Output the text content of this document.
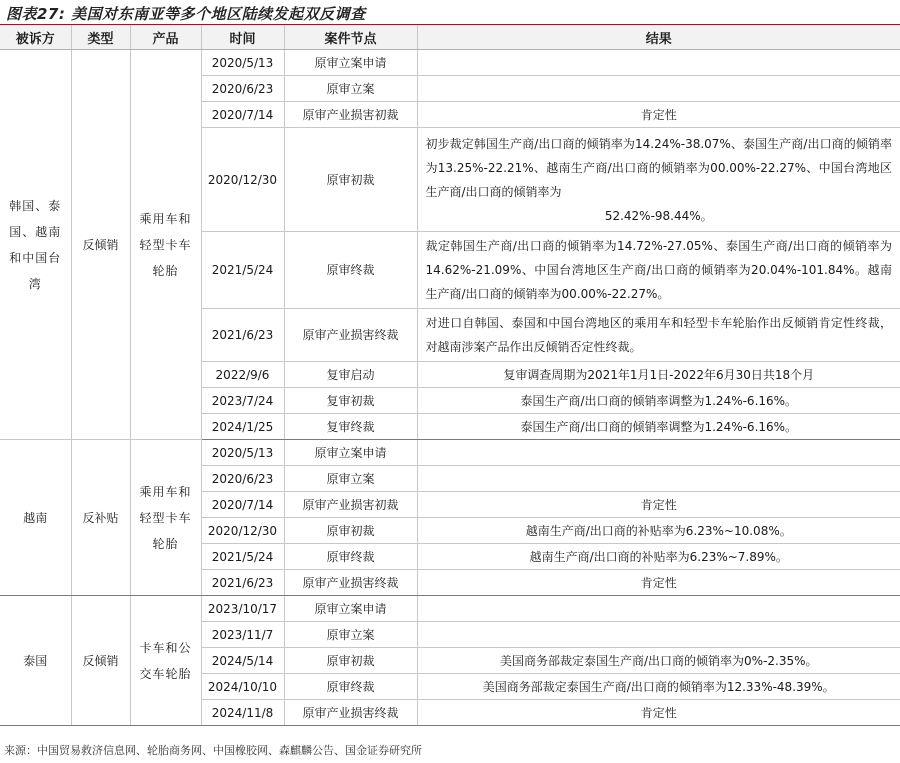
图表27: 美国对东南亚等多个地区陆续发起双反调查
被诉方	类型	产品	时间	案件节点	结果
韩国、泰国、越南和中国台湾	反倾销	乘用车和轻型卡车轮胎	2020/5/13	原审立案申请	
			2020/6/23	原审立案	
			2020/7/14	原审产业损害初裁	肯定性
			2020/12/30	原审初裁	初步裁定韩国生产商/出口商的倾销率为14.24%-38.07%、泰国生产商/出口商的倾销率为13.25%-22.21%、越南生产商/出口商的倾销率为00.00%-22.27%、中国台湾地区生产商/出口商的倾销率为
52.42%-98.44%。

			2021/5/24	原审终裁	裁定韩国生产商/出口商的倾销率为14.72%-27.05%、泰国生产商/出口商的倾销率为14.62%-21.09%、中国台湾地区生产商/出口商的倾销率为20.04%-101.84%。越南生产商/出口商的倾销率为00.00%-22.27%。

			2021/6/23	原审产业损害终裁	对进口自韩国、泰国和中国台湾地区的乘用车和轻型卡车轮胎作出反倾销肯定性终裁，对越南涉案产品作出反倾销否定性终裁。

			2022/9/6	复审启动	复审调查周期为2021年1月1日-2022年6月30日共18个月
			2023/7/24	复审初裁	泰国生产商/出口商的倾销率调整为1.24%-6.16%。
			2024/1/25	复审终裁	泰国生产商/出口商的倾销率调整为1.24%-6.16%。
越南	反补贴	乘用车和轻型卡车轮胎	2020/5/13	原审立案申请	
			2020/6/23	原审立案	
			2020/7/14	原审产业损害初裁	肯定性
			2020/12/30	原审初裁	越南生产商/出口商的补贴率为6.23%~10.08%。
			2021/5/24	原审终裁	越南生产商/出口商的补贴率为6.23%~7.89%。
			2021/6/23	原审产业损害终裁	肯定性
泰国	反倾销	卡车和公交车轮胎	2023/10/17	原审立案申请	
			2023/11/7	原审立案	
			2024/5/14	原审初裁	美国商务部裁定泰国生产商/出口商的倾销率为0%-2.35%。
			2024/10/10	原审终裁	美国商务部裁定泰国生产商/出口商的倾销率为12.33%-48.39%。
			2024/11/8	原审产业损害终裁	肯定性
来源：中国贸易救济信息网、轮胎商务网、中国橡胶网、森麒麟公告、国金证券研究所
